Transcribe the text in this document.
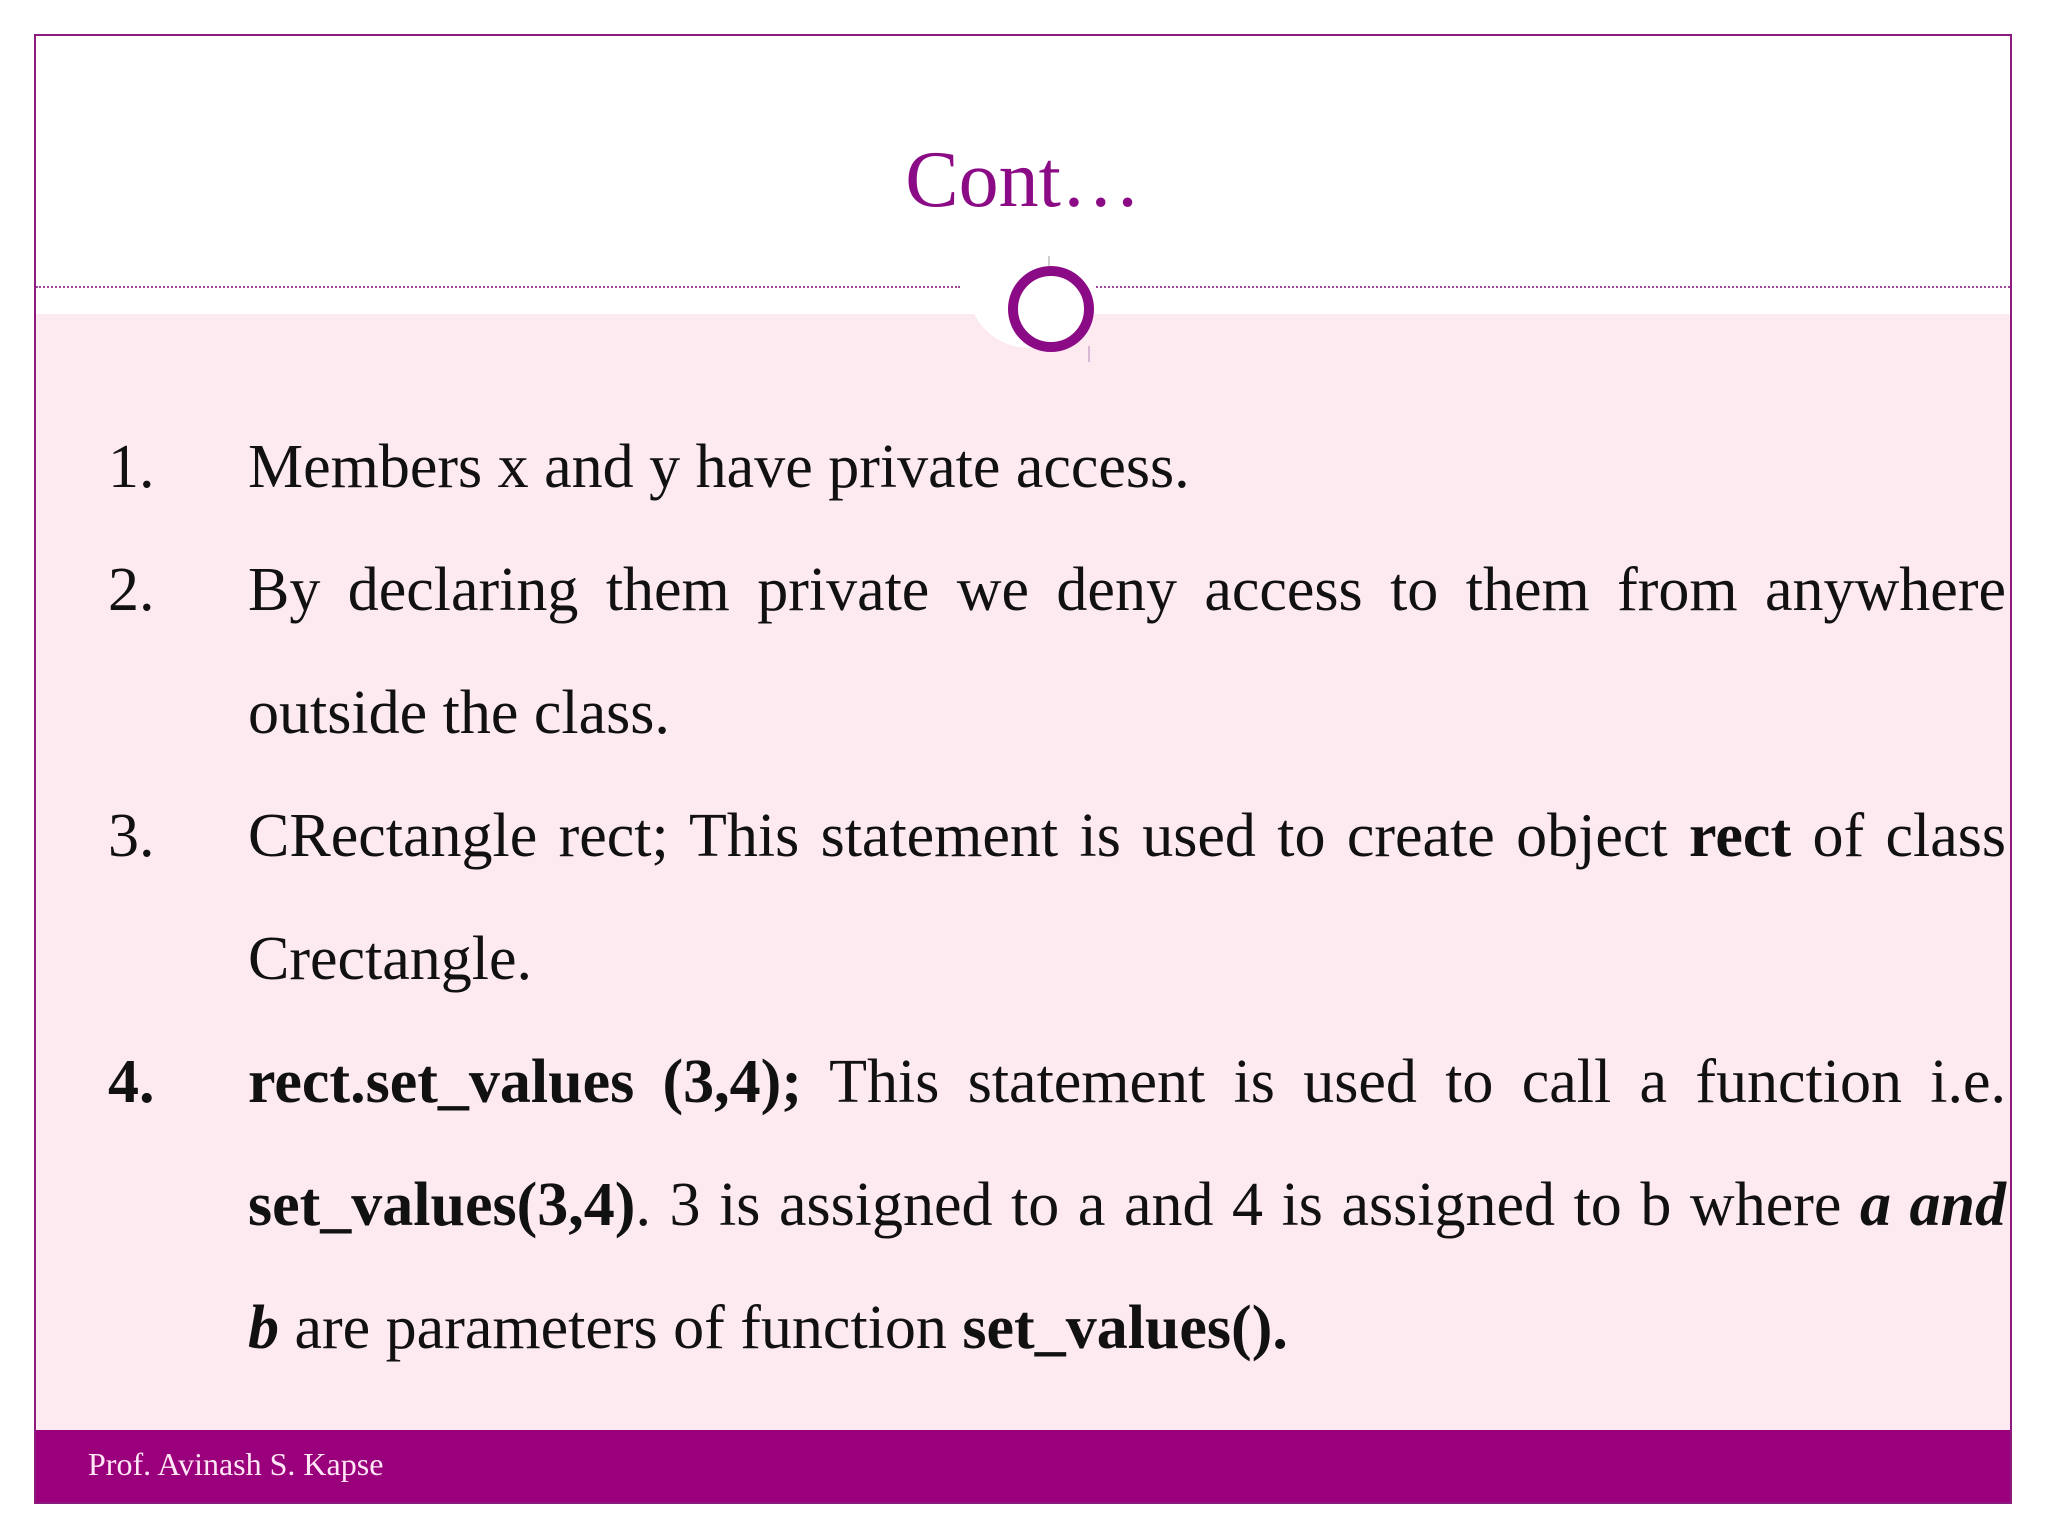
Cont…
1. Members x and y have private access.
2. By declaring them private we deny access to them from anywhere outside the class.
3. CRectangle rect; This statement is used to create object rect of class Crectangle.
4. rect.set_values (3,4); This statement is used to call a function i.e. set_values(3,4). 3 is assigned to a and 4 is assigned to b where a and b are parameters of function set_values().
Prof. Avinash S. Kapse
